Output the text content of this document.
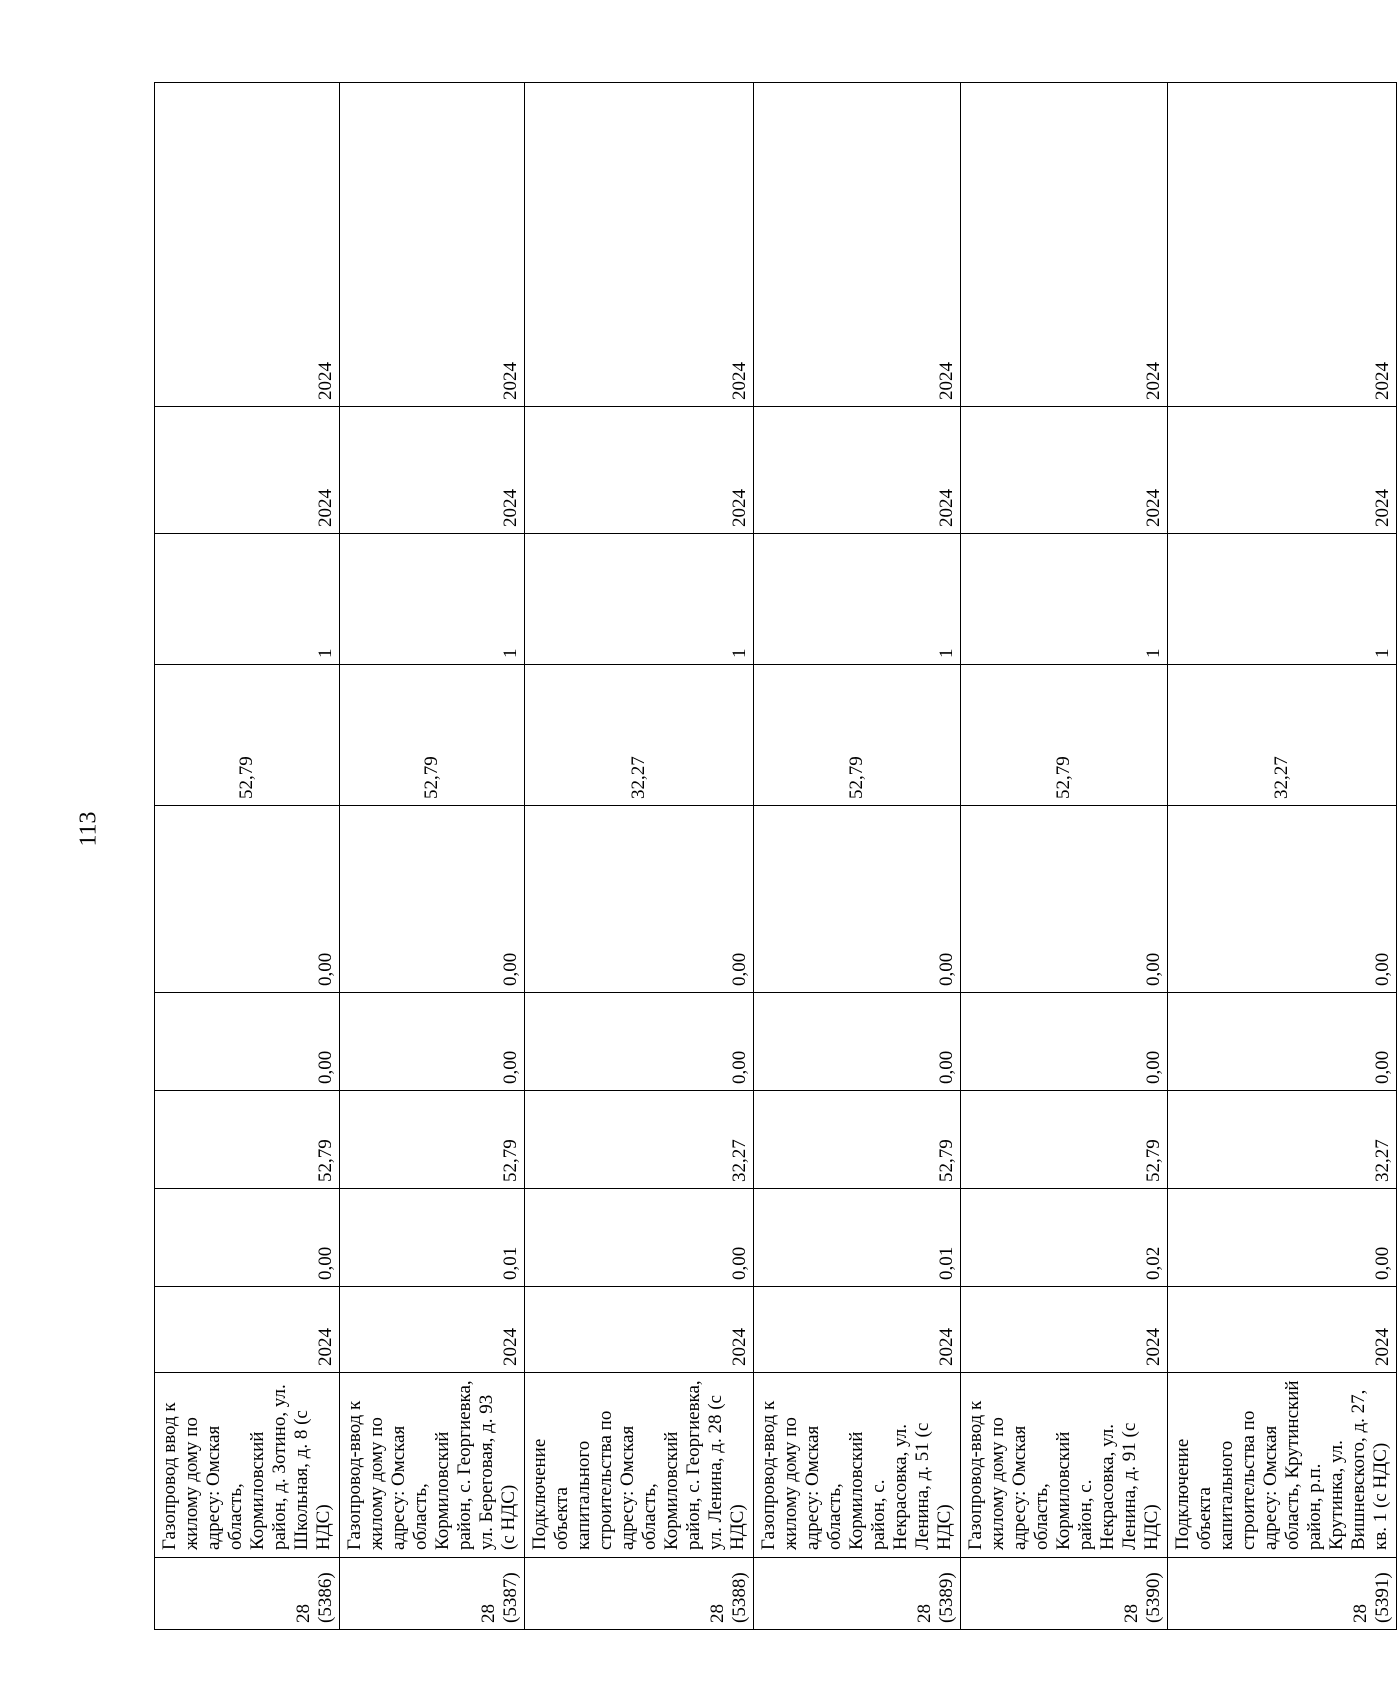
113
28 (5386)	Газопровод ввод к жилому дому по адресу: Омская область, Кормиловский район, д. Зотино, ул. Школьная, д. 8 (с НДС)	2024	0,00	52,79	0,00	0,00	52,79	1	2024	2024

28 (5387)	Газопровод-ввод к жилому дому по адресу: Омская область, Кормиловский район, с. Георгиевка, ул. Береговая, д. 93 (с НДС)	2024	0,01	52,79	0,00	0,00	52,79	1	2024	2024

28 (5388)	Подключение объекта капитального строительства по адресу: Омская область, Кормиловский район, с. Георгиевка, ул. Ленина, д. 28 (с НДС)	2024	0,00	32,27	0,00	0,00	32,27	1	2024	2024

28 (5389)	Газопровод-ввод к жилому дому по адресу: Омская область, Кормиловский район, с. Некрасовка, ул. Ленина, д. 51 (с НДС)	2024	0,01	52,79	0,00	0,00	52,79	1	2024	2024

28 (5390)	Газопровод-ввод к жилому дому по адресу: Омская область, Кормиловский район, с. Некрасовка, ул. Ленина, д. 91 (с НДС)	2024	0,02	52,79	0,00	0,00	52,79	1	2024	2024

28 (5391)	Подключение объекта капитального строительства по адресу: Омская область, Крутинский район, р.п. Крутинка, ул. Вишневского, д. 27, кв. 1 (с НДС)	2024	0,00	32,27	0,00	0,00	32,27	1	2024	2024
